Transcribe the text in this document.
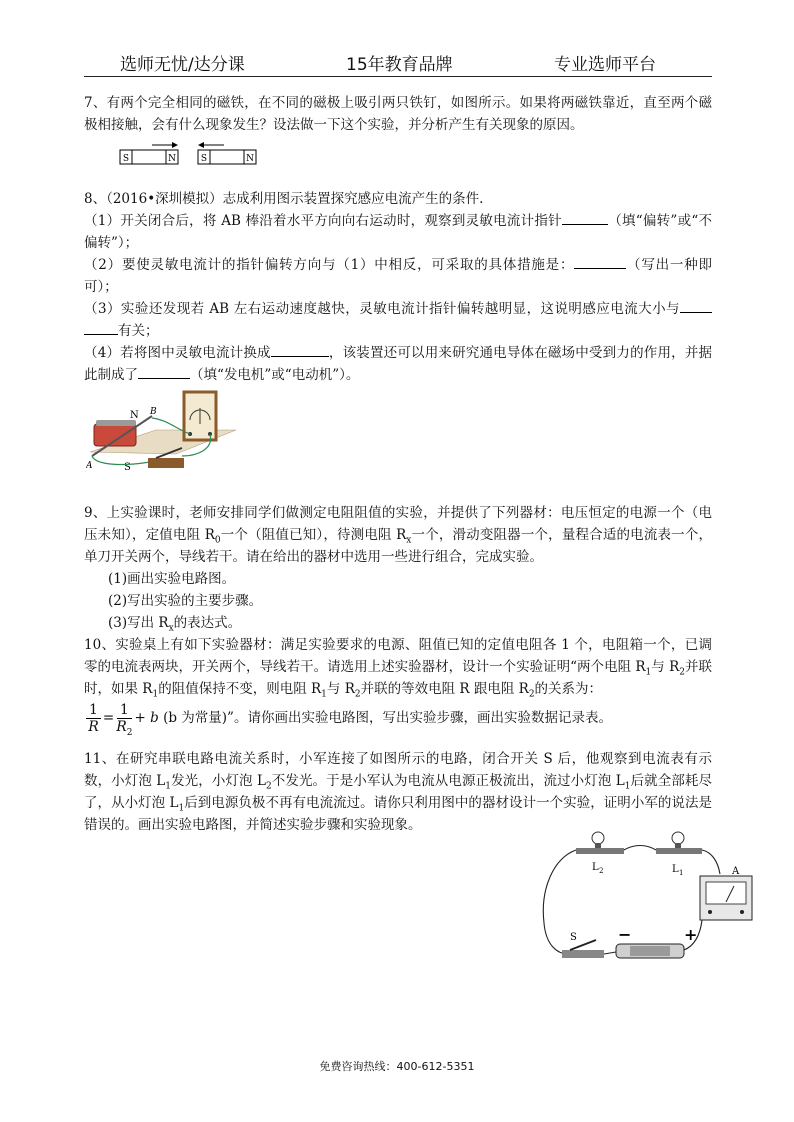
选师无忧/达分课	15年教育品牌	专业选师平台
7、有两个完全相同的磁铁，在不同的磁极上吸引两只铁钉，如图所示。如果将两磁铁靠近，直至两个磁极相接触，会有什么现象发生？设法做一下这个实验，并分析产生有关现象的原因。
S	N	S	N
8、（2016•深圳模拟）志成利用图示装置探究感应电流产生的条件.
（1）开关闭合后，将 AB 棒沿着水平方向向右运动时，观察到灵敏电流计指针	（填“偏转”或“不偏转”）；
（2）要使灵敏电流计的指针偏转方向与（1）中相反，可采取的具体措施是：	（写出一种即可）；
（3）实验还发现若 AB 左右运动速度越快，灵敏电流计指针偏转越明显，这说明感应电流大小与 有关；
（4）若将图中灵敏电流计换成	，该装置还可以用来研究通电导体在磁场中受到力的作用，并据此制成了	（填“发电机”或“电动机”）。
N
S
A
B
9、上实验课时，老师安排同学们做测定电阻阻值的实验，并提供了下列器材：电压恒定的电源一个（电压未知），定值电阻 $R_0$一个（阻值已知），待测电阻 $R_x$一个，滑动变阻器一个，量程合适的电流表一个，单刀开关两个，导线若干。请在给出的器材中选用一些进行组合，完成实验。
(1)画出实验电路图。
(2)写出实验的主要步骤。
(3)写出 $R_x$的表达式。
10、实验桌上有如下实验器材：满足实验要求的电源、阻值已知的定值电阻各 1 个，电阻箱一个，已调零的电流表两块，开关两个，导线若干。请选用上述实验器材，设计一个实验证明“两个电阻 $R_1$与 $R_2$并联时，如果 $R_1$的阻值保持不变，则电阻 $R_1$与 $R_2$并联的等效电阻 R 跟电阻 $R_2$的关系为：
$\frac{1}{R} = \frac{1}{R_2} + b$ (b 为常量)”。请你画出实验电路图，写出实验步骤，画出实验数据记录表。
11、在研究串联电路电流关系时，小军连接了如图所示的电路，闭合开关 S 后，他观察到电流表有示数，小灯泡 $L_1$发光，小灯泡 $L_2$不发光。于是小军认为电流从电源正极流出，流过小灯泡 $L_1$后就全部耗尽了，从小灯泡 $L_1$后到电源负极不再有电流流过。请你只利用图中的器材设计一个实验，证明小军的说法是错误的。画出实验电路图，并简述实验步骤和实验现象。
L 2	L 1	A
S	−	+
免费咨询热线：400-612-5351
